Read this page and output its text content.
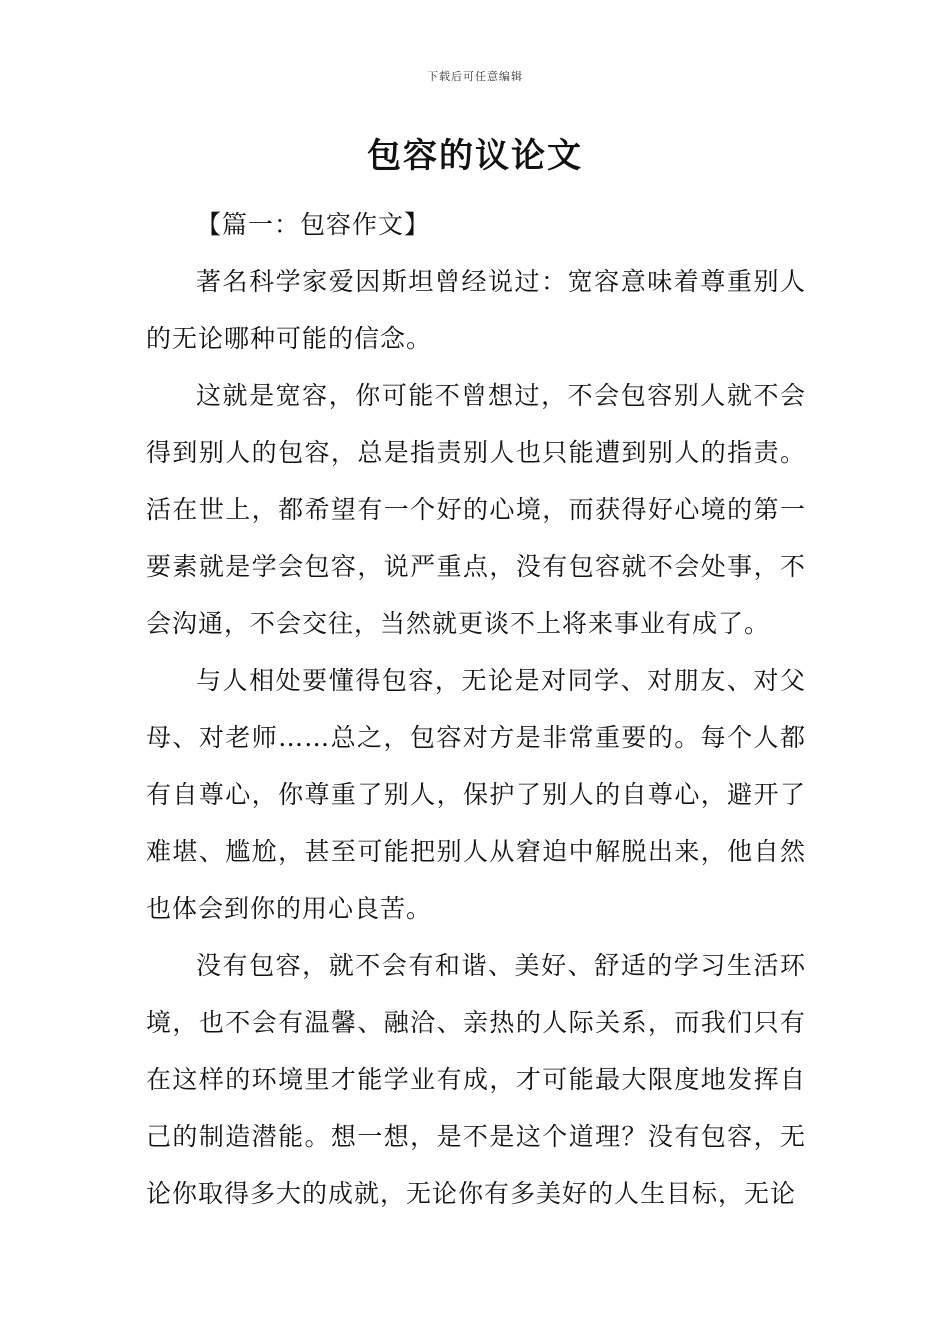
下载后可任意编辑
包容的议论文

【篇一：包容作文】

著名科学家爱因斯坦曾经说过：宽容意味着尊重别人的无论哪种可能的信念。

这就是宽容，你可能不曾想过，不会包容别人就不会得到别人的包容，总是指责别人也只能遭到别人的指责。活在世上，都希望有一个好的心境，而获得好心境的第一要素就是学会包容，说严重点，没有包容就不会处事，不会沟通，不会交往，当然就更谈不上将来事业有成了。

与人相处要懂得包容，无论是对同学、对朋友、对父母、对老师……总之，包容对方是非常重要的。每个人都有自尊心，你尊重了别人，保护了别人的自尊心，避开了难堪、尴尬，甚至可能把别人从窘迫中解脱出来，他自然也体会到你的用心良苦。

没有包容，就不会有和谐、美好、舒适的学习生活环境，也不会有温馨、融洽、亲热的人际关系，而我们只有在这样的环境里才能学业有成，才可能最大限度地发挥自己的制造潜能。想一想，是不是这个道理？没有包容，无论你取得多大的成就，无论你有多美好的人生目标，无论
